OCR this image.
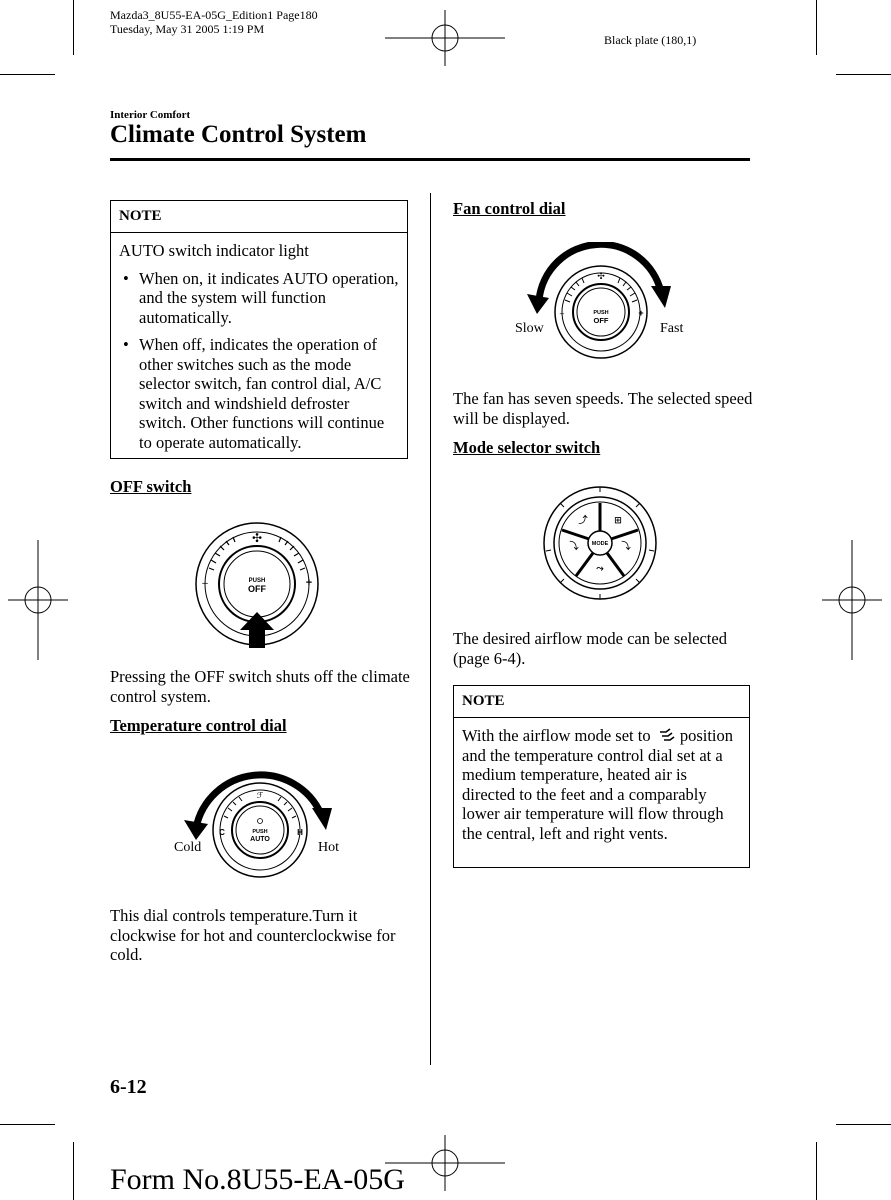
Mazda3_8U55-EA-05G_Edition1 Page180
Tuesday, May 31 2005 1:19 PM
Black plate (180,1)
Interior Comfort
Climate Control System
NOTE
AUTO switch indicator light
• When on, it indicates AUTO operation, and the system will function automatically.
• When off, indicates the operation of other switches such as the mode selector switch, fan control dial, A/C switch and windshield defroster switch. Other functions will continue to operate automatically.
OFF switch
✣
PUSH
OFF
–	+
Pressing the OFF switch shuts off the climate control system.
Temperature control dial
ℱ
PUSH
AUTO
C	H
Cold	Hot
This dial controls temperature.Turn it clockwise for hot and counterclockwise for cold.
Fan control dial
✣
PUSH
OFF
–	+
Slow	Fast
The fan has seven speeds. The selected speed will be displayed.
Mode selector switch
MODE
⤴	⊞
⤵
⤳
⤵
The desired airflow mode can be selected (page 6-4).
NOTE
With the airflow mode set to position and the temperature control dial set at a medium temperature, heated air is directed to the feet and a comparably lower air temperature will flow through the central, left and right vents.
6-12
Form No.8U55-EA-05G
